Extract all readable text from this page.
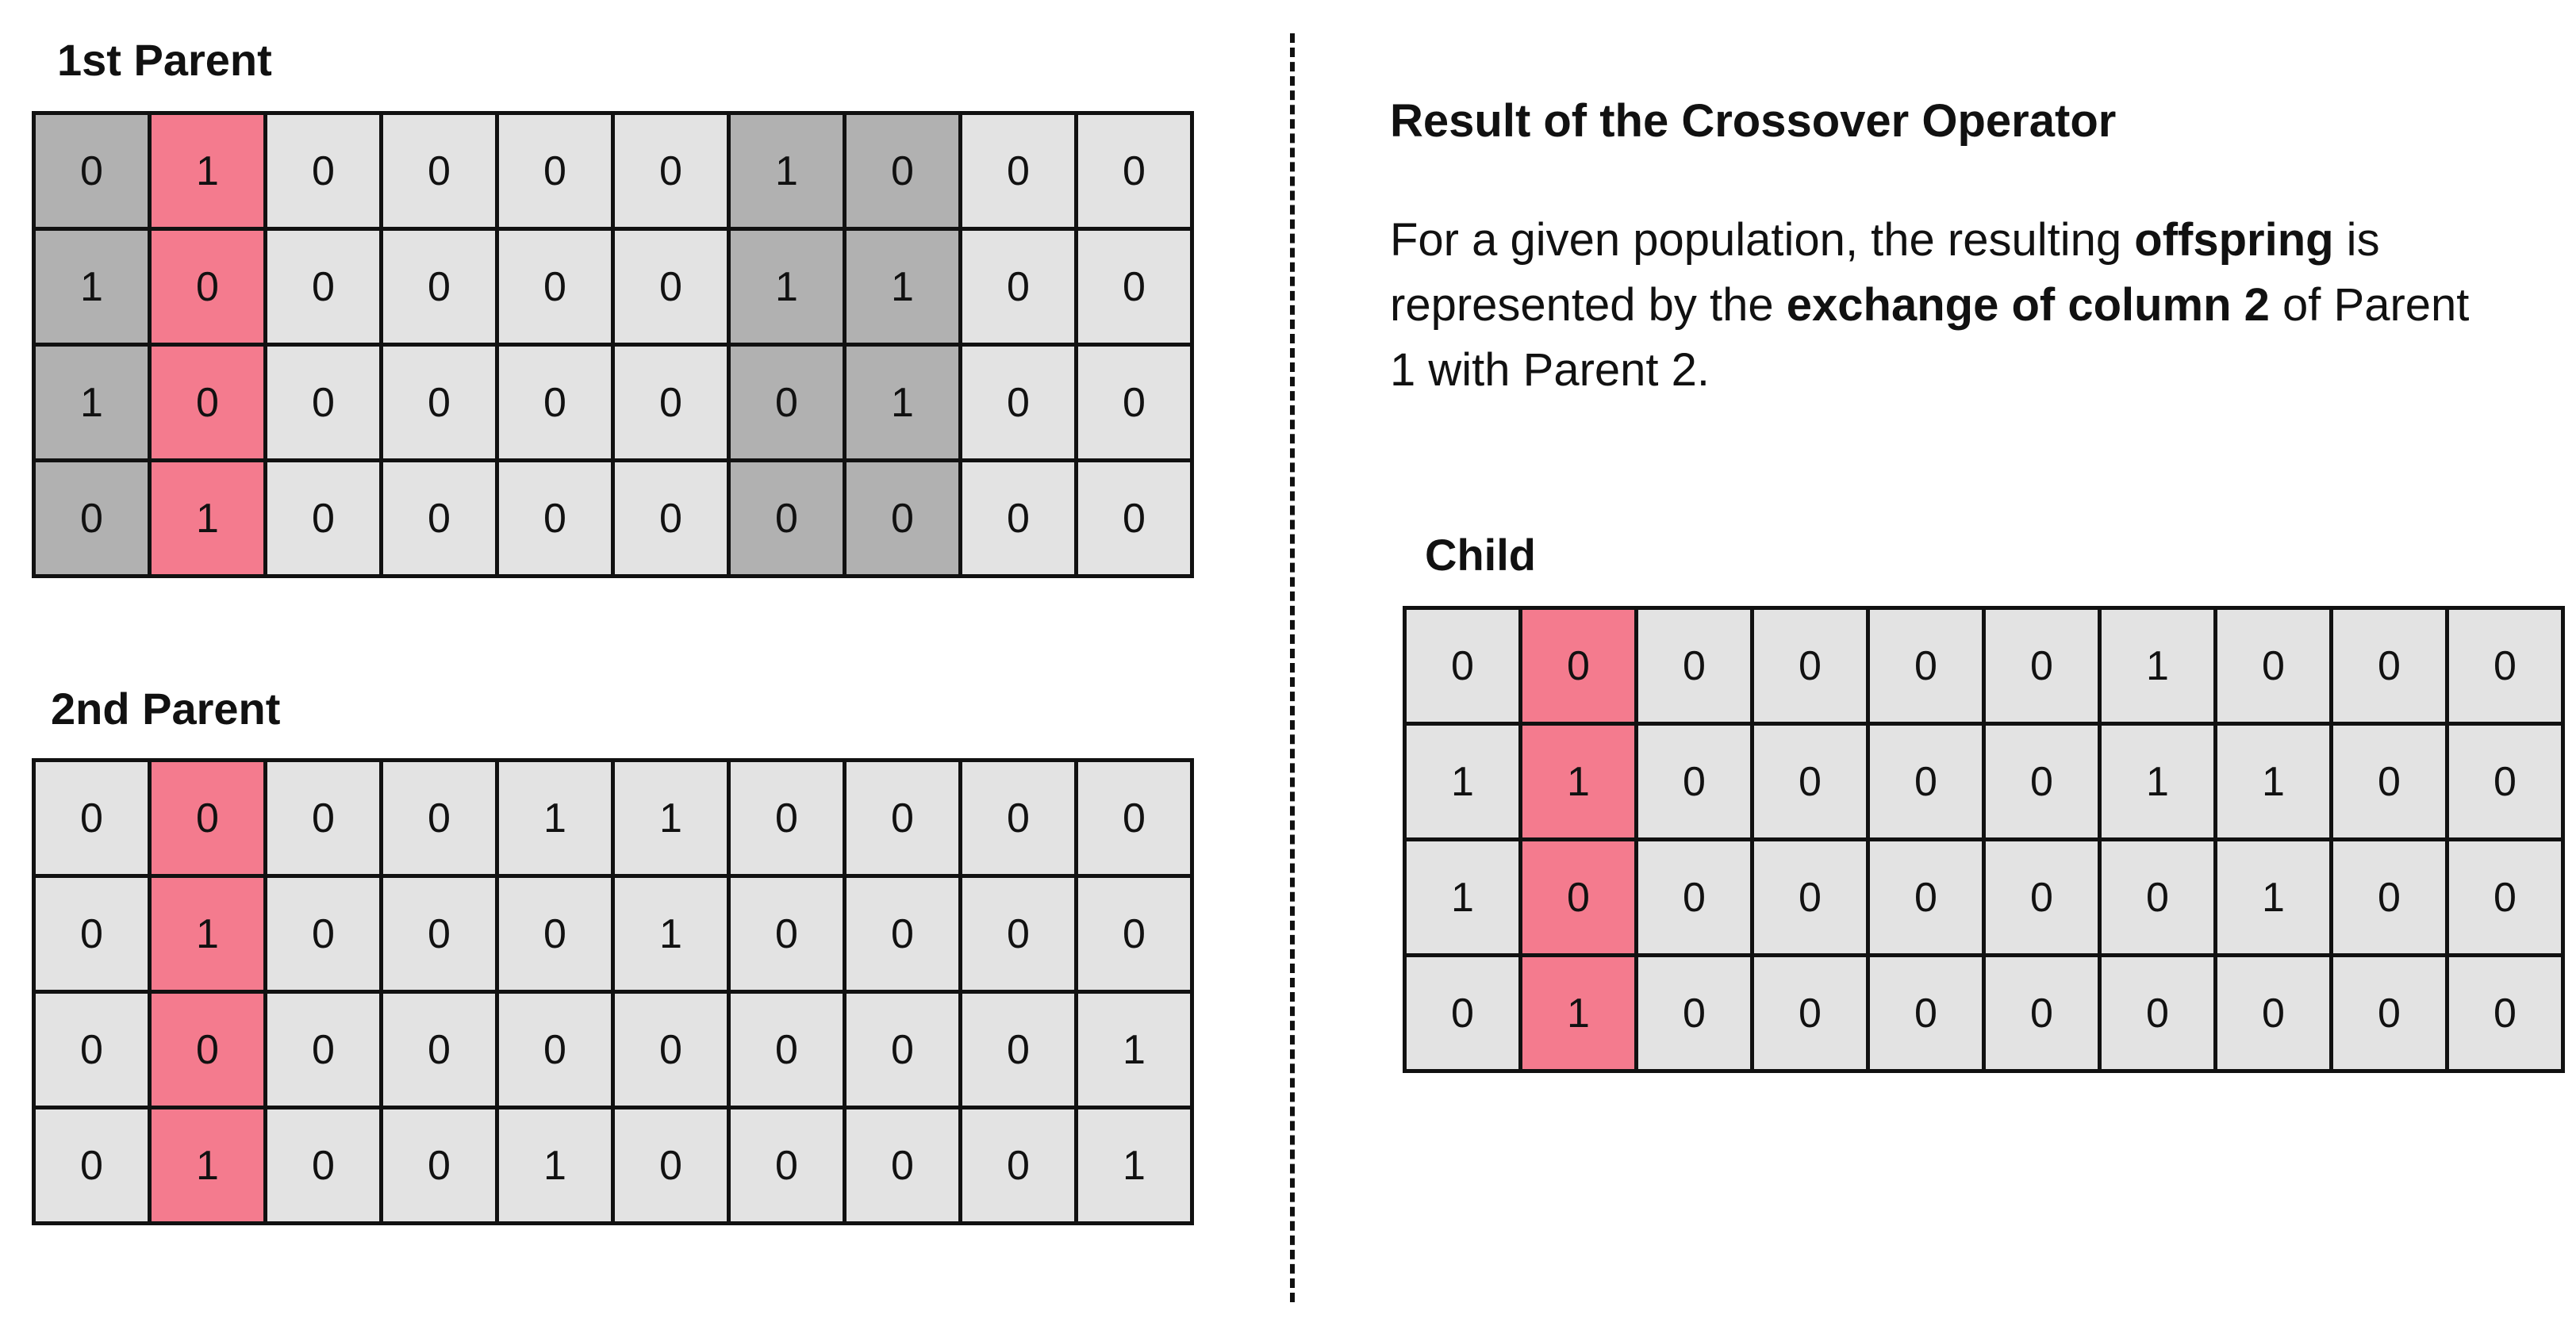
1st Parent
0	1	0	0	0	0	1	0	0	0
1	0	0	0	0	0	1	1	0	0
1	0	0	0	0	0	0	1	0	0
0	1	0	0	0	0	0	0	0	0
2nd Parent
0	0	0	0	1	1	0	0	0	0
0	1	0	0	0	1	0	0	0	0
0	0	0	0	0	0	0	0	0	1
0	1	0	0	1	0	0	0	0	1
Result of the Crossover Operator

For a given population, the resulting offspring is represented by the exchange of column 2 of Parent 1 with Parent 2.

Child
0	0	0	0	0	0	1	0	0	0
1	1	0	0	0	0	1	1	0	0
1	0	0	0	0	0	0	1	0	0
0	1	0	0	0	0	0	0	0	0
